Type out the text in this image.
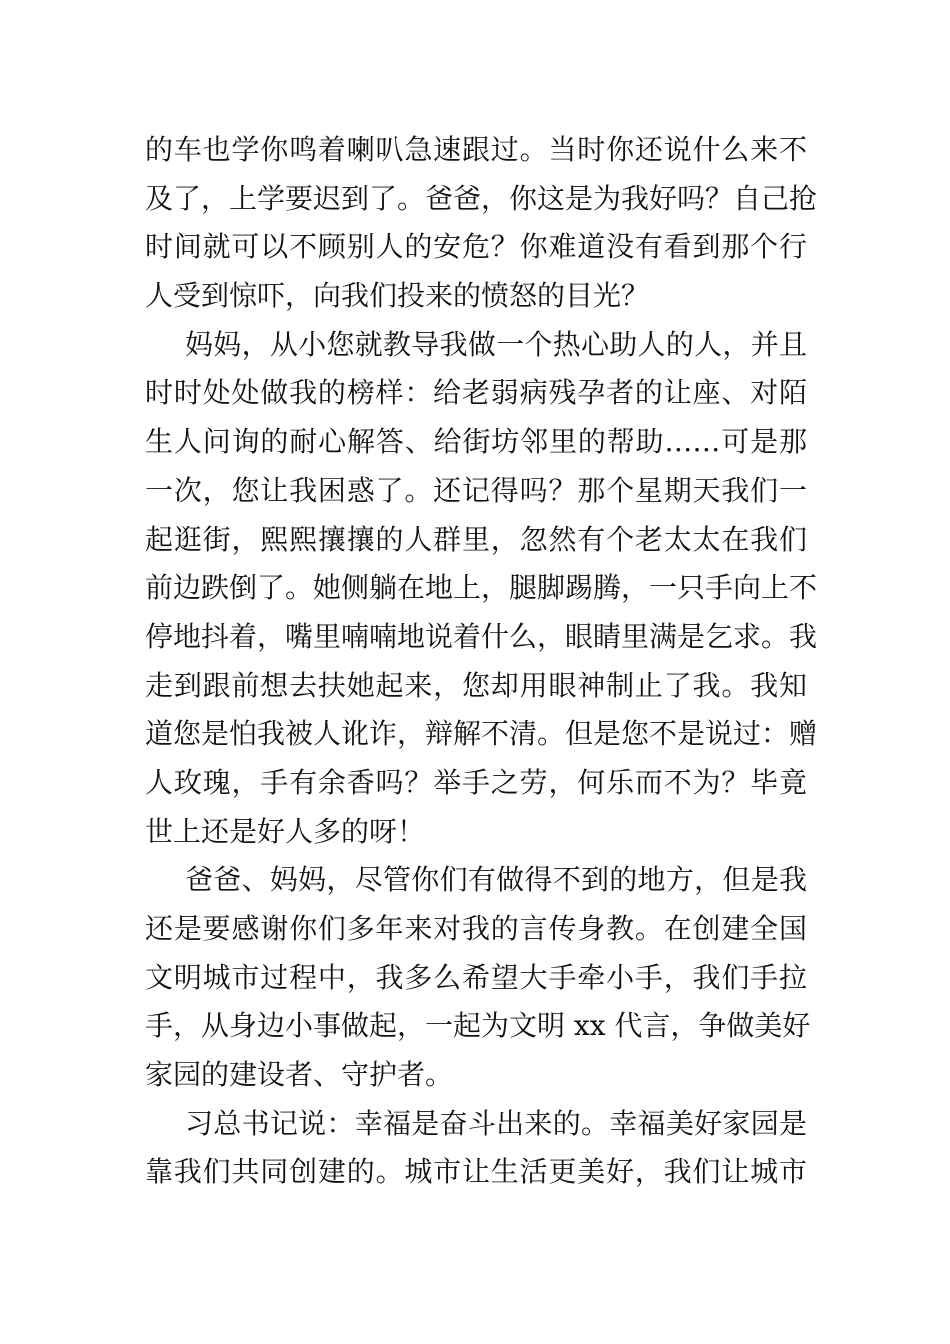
的车也学你鸣着喇叭急速跟过。当时你还说什么来不
及了，上学要迟到了。爸爸，你这是为我好吗？自己抢
时间就可以不顾别人的安危？你难道没有看到那个行
人受到惊吓，向我们投来的愤怒的目光？
妈妈，从小您就教导我做一个热心助人的人，并且
时时处处做我的榜样：给老弱病残孕者的让座、对陌
生人问询的耐心解答、给街坊邻里的帮助……可是那
一次，您让我困惑了。还记得吗？那个星期天我们一
起逛街，熙熙攘攘的人群里，忽然有个老太太在我们
前边跌倒了。她侧躺在地上，腿脚踢腾，一只手向上不
停地抖着，嘴里喃喃地说着什么，眼睛里满是乞求。我
走到跟前想去扶她起来，您却用眼神制止了我。我知
道您是怕我被人讹诈，辩解不清。但是您不是说过：赠
人玫瑰，手有余香吗？举手之劳，何乐而不为？毕竟
世上还是好人多的呀！
爸爸、妈妈，尽管你们有做得不到的地方，但是我
还是要感谢你们多年来对我的言传身教。在创建全国
文明城市过程中，我多么希望大手牵小手，我们手拉
手，从身边小事做起，一起为文明 xx 代言，争做美好
家园的建设者、守护者。
习总书记说：幸福是奋斗出来的。幸福美好家园是
靠我们共同创建的。城市让生活更美好，我们让城市
